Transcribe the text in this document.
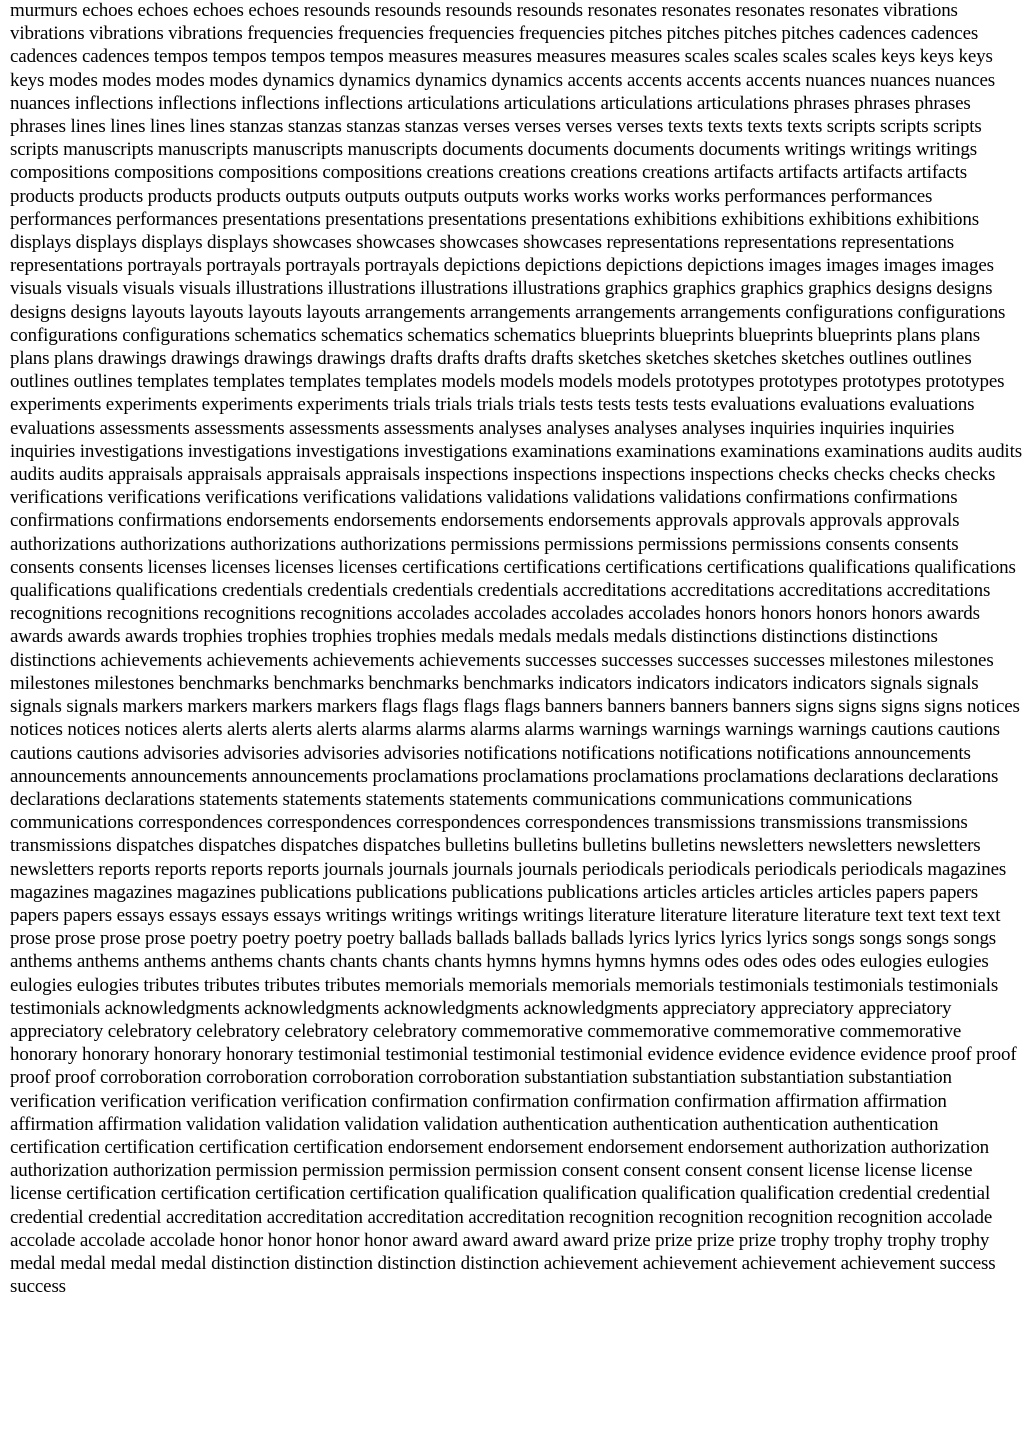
murmurs echoes echoes echoes echoes resounds resounds resounds resounds resonates resonates resonates resonates vibrations vibrations vibrations vibrations frequencies frequencies frequencies frequencies pitches pitches pitches pitches cadences cadences cadences cadences tempos tempos tempos tempos measures measures measures measures scales scales scales scales keys keys keys keys modes modes modes modes dynamics dynamics dynamics dynamics accents accents accents accents nuances nuances nuances nuances inflections inflections inflections inflections articulations articulations articulations articulations phrases phrases phrases phrases lines lines lines lines stanzas stanzas stanzas stanzas verses verses verses verses texts texts texts texts scripts scripts scripts scripts manuscripts manuscripts manuscripts manuscripts documents documents documents documents writings writings writings compositions compositions compositions compositions creations creations creations creations artifacts artifacts artifacts artifacts products products products products outputs outputs outputs outputs works works works works performances performances performances performances presentations presentations presentations presentations exhibitions exhibitions exhibitions exhibitions displays displays displays displays showcases showcases showcases showcases representations representations representations representations portrayals portrayals portrayals portrayals depictions depictions depictions depictions images images images images visuals visuals visuals visuals illustrations illustrations illustrations illustrations graphics graphics graphics graphics designs designs designs designs layouts layouts layouts layouts arrangements arrangements arrangements arrangements configurations configurations configurations configurations schematics schematics schematics schematics blueprints blueprints blueprints blueprints plans plans plans plans drawings drawings drawings drawings drafts drafts drafts drafts sketches sketches sketches sketches outlines outlines outlines outlines templates templates templates templates models models models models prototypes prototypes prototypes prototypes experiments experiments experiments experiments trials trials trials trials tests tests tests tests evaluations evaluations evaluations evaluations assessments assessments assessments assessments analyses analyses analyses analyses inquiries inquiries inquiries inquiries investigations investigations investigations investigations examinations examinations examinations examinations audits audits audits audits appraisals appraisals appraisals appraisals inspections inspections inspections inspections checks checks checks checks verifications verifications verifications verifications validations validations validations validations confirmations confirmations confirmations confirmations endorsements endorsements endorsements endorsements approvals approvals approvals approvals authorizations authorizations authorizations authorizations permissions permissions permissions permissions consents consents consents consents licenses licenses licenses licenses certifications certifications certifications certifications qualifications qualifications qualifications qualifications credentials credentials credentials credentials accreditations accreditations accreditations accreditations recognitions recognitions recognitions recognitions accolades accolades accolades accolades honors honors honors honors awards awards awards awards trophies trophies trophies trophies medals medals medals medals distinctions distinctions distinctions distinctions achievements achievements achievements achievements successes successes successes successes milestones milestones milestones milestones benchmarks benchmarks benchmarks benchmarks indicators indicators indicators indicators signals signals signals signals markers markers markers markers flags flags flags flags banners banners banners banners signs signs signs signs notices notices notices notices alerts alerts alerts alerts alarms alarms alarms alarms warnings warnings warnings warnings cautions cautions cautions cautions advisories advisories advisories advisories notifications notifications notifications notifications announcements announcements announcements announcements proclamations proclamations proclamations proclamations declarations declarations declarations declarations statements statements statements statements communications communications communications communications correspondences correspondences correspondences correspondences transmissions transmissions transmissions transmissions dispatches dispatches dispatches dispatches bulletins bulletins bulletins bulletins newsletters newsletters newsletters newsletters reports reports reports reports journals journals journals journals periodicals periodicals periodicals periodicals magazines magazines magazines magazines publications publications publications publications articles articles articles articles papers papers papers papers essays essays essays essays writings writings writings writings literature literature literature literature text text text text prose prose prose prose poetry poetry poetry poetry ballads ballads ballads ballads lyrics lyrics lyrics lyrics songs songs songs songs anthems anthems anthems anthems chants chants chants chants hymns hymns hymns hymns odes odes odes odes eulogies eulogies eulogies eulogies tributes tributes tributes tributes memorials memorials memorials memorials testimonials testimonials testimonials testimonials acknowledgments acknowledgments acknowledgments acknowledgments appreciatory appreciatory appreciatory appreciatory celebratory celebratory celebratory celebratory commemorative commemorative commemorative commemorative honorary honorary honorary honorary testimonial testimonial testimonial testimonial evidence evidence evidence evidence proof proof proof proof corroboration corroboration corroboration corroboration substantiation substantiation substantiation substantiation verification verification verification verification confirmation confirmation confirmation confirmation affirmation affirmation affirmation affirmation validation validation validation validation authentication authentication authentication authentication certification certification certification certification endorsement endorsement endorsement endorsement authorization authorization authorization authorization permission permission permission permission consent consent consent consent license license license license certification certification certification certification qualification qualification qualification qualification credential credential credential credential accreditation accreditation accreditation accreditation recognition recognition recognition recognition accolade accolade accolade accolade honor honor honor honor award award award award prize prize prize prize trophy trophy trophy trophy medal medal medal medal distinction distinction distinction distinction achievement achievement achievement achievement success success
